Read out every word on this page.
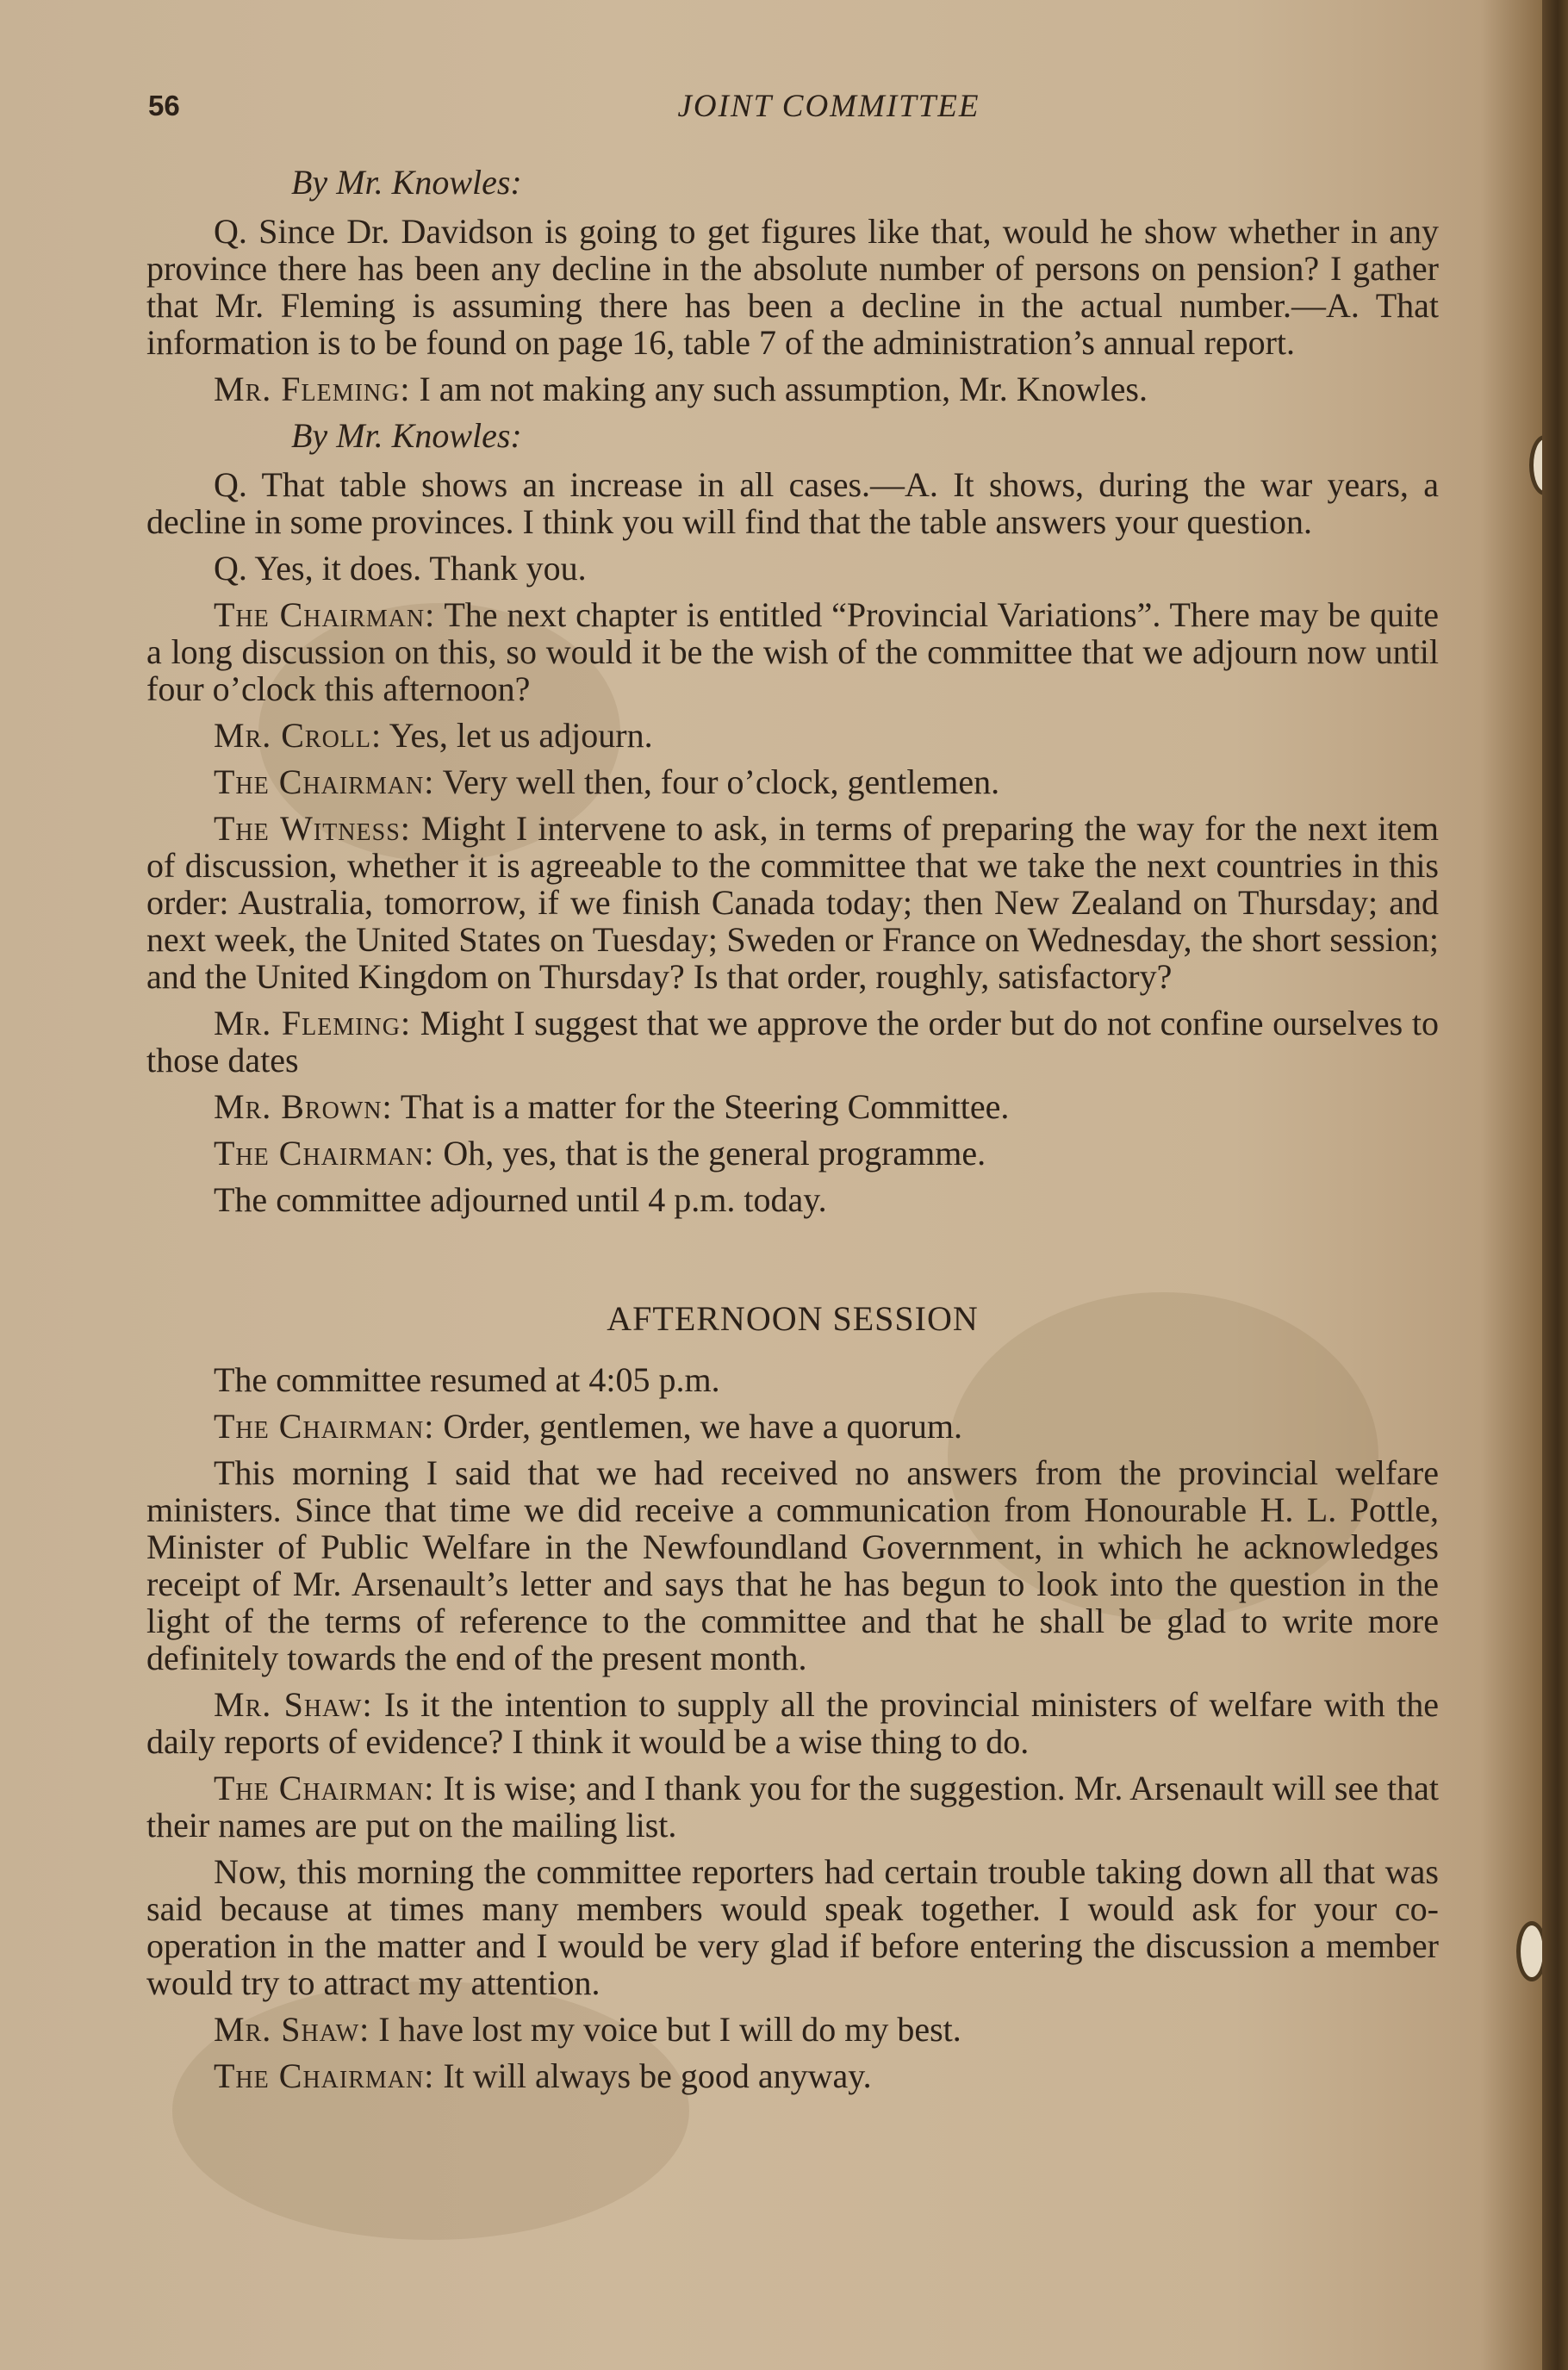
56	JOINT COMMITTEE

By Mr. Knowles:

Q. Since Dr. Davidson is going to get figures like that, would he show whether in any province there has been any decline in the absolute number of persons on pension? I gather that Mr. Fleming is assuming there has been a decline in the actual number.—A. That information is to be found on page 16, table 7 of the administration’s annual report.

Mr. Fleming: I am not making any such assumption, Mr. Knowles.

By Mr. Knowles:

Q. That table shows an increase in all cases.—A. It shows, during the war years, a decline in some provinces. I think you will find that the table answers your question.

Q. Yes, it does. Thank you.

The Chairman: The next chapter is entitled “Provincial Variations”. There may be quite a long discussion on this, so would it be the wish of the committee that we adjourn now until four o’clock this afternoon?

Mr. Croll: Yes, let us adjourn.

The Chairman: Very well then, four o’clock, gentlemen.

The Witness: Might I intervene to ask, in terms of preparing the way for the next item of discussion, whether it is agreeable to the committee that we take the next countries in this order: Australia, tomorrow, if we finish Canada today; then New Zealand on Thursday; and next week, the United States on Tuesday; Sweden or France on Wednesday, the short session; and the United Kingdom on Thursday? Is that order, roughly, satisfactory?

Mr. Fleming: Might I suggest that we approve the order but do not confine ourselves to those dates

Mr. Brown: That is a matter for the Steering Committee.

The Chairman: Oh, yes, that is the general programme.

The committee adjourned until 4 p.m. today.

AFTERNOON SESSION

The committee resumed at 4:05 p.m.

The Chairman: Order, gentlemen, we have a quorum.

This morning I said that we had received no answers from the provincial welfare ministers. Since that time we did receive a communication from Honourable H. L. Pottle, Minister of Public Welfare in the Newfoundland Government, in which he acknowledges receipt of Mr. Arsenault’s letter and says that he has begun to look into the question in the light of the terms of reference to the committee and that he shall be glad to write more definitely towards the end of the present month.

Mr. Shaw: Is it the intention to supply all the provincial ministers of welfare with the daily reports of evidence? I think it would be a wise thing to do.

The Chairman: It is wise; and I thank you for the suggestion. Mr. Arsenault will see that their names are put on the mailing list.

Now, this morning the committee reporters had certain trouble taking down all that was said because at times many members would speak together. I would ask for your co-operation in the matter and I would be very glad if before entering the discussion a member would try to attract my attention.

Mr. Shaw: I have lost my voice but I will do my best.

The Chairman: It will always be good anyway.
